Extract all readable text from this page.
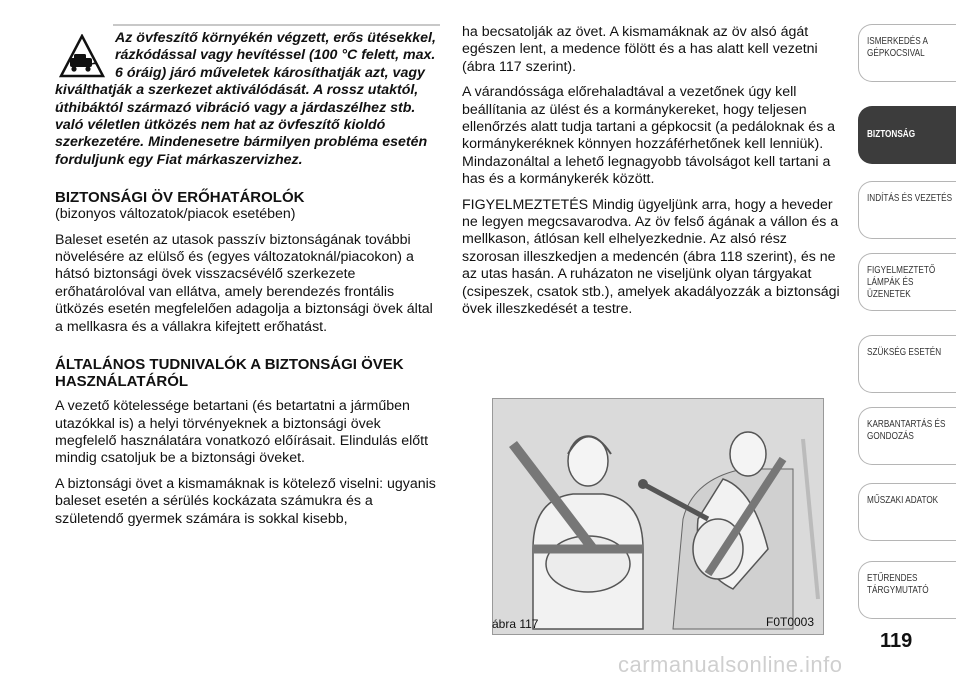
Az övfeszítő környékén végzett, erős ütésekkel, rázkódással vagy hevítéssel (100 °C felett, max. 6 óráig) járó műveletek károsíthatják azt, vagy kiválthatják a szerkezet aktiválódását. A rossz utaktól, úthibáktól származó vibráció vagy a járdaszélhez stb. való véletlen ütközés nem hat az övfeszítő kioldó szerkezetére. Mindenesetre bármilyen probléma esetén forduljunk egy Fiat márkaszervizhez.
BIZTONSÁGI ÖV ERŐHATÁROLÓK
(bizonyos változatok/piacok esetében)

Baleset esetén az utasok passzív biztonságának további növelésére az elülső és (egyes változatoknál/piacokon) a hátsó biztonsági övek visszacsévélő szerkezete erőhatárolóval van ellátva, amely berendezés frontális ütközés esetén megfelelően adagolja a biztonsági övek által a mellkasra és a vállakra kifejtett erőhatást.

ÁLTALÁNOS TUDNIVALÓK A BIZTONSÁGI ÖVEK HASZNÁLATÁRÓL

A vezető kötelessége betartani (és betartatni a járműben utazókkal is) a helyi törvényeknek a biztonsági övek megfelelő használatára vonatkozó előírásait. Elindulás előtt mindig csatoljuk be a biztonsági öveket.

A biztonsági övet a kismamáknak is kötelező viselni: ugyanis baleset esetén a sérülés kockázata számukra és a születendő gyermek számára is sokkal kisebb,

ha becsatolják az övet. A kismamáknak az öv alsó ágát egészen lent, a medence fölött és a has alatt kell vezetni (ábra 117 szerint).

A várandóssága előrehaladtával a vezetőnek úgy kell beállítania az ülést és a kormánykereket, hogy teljesen ellenőrzés alatt tudja tartani a gépkocsit (a pedáloknak és a kormánykeréknek könnyen hozzáférhetőnek kell lenniük). Mindazonáltal a lehető legnagyobb távolságot kell tartani a has és a kormánykerék között.

FIGYELMEZTETÉS Mindig ügyeljünk arra, hogy a heveder ne legyen megcsavarodva. Az öv felső ágának a vállon és a mellkason, átlósan kell elhelyezkednie. Az alsó rész szorosan illeszkedjen a medencén (ábra 118 szerint), és ne az utas hasán. A ruházaton ne viseljünk olyan tárgyakat (csipeszek, csatok stb.), amelyek akadályozzák a biztonsági övek illeszkedését a testre.

ábra 117	F0T0003
ISMERKEDÉS A GÉPKOCSIVAL
BIZTONSÁG
INDÍTÁS ÉS VEZETÉS
FIGYELMEZTETŐ LÁMPÁK ÉS ÜZENETEK
SZÜKSÉG ESETÉN
KARBANTARTÁS ÉS GONDOZÁS
MŰSZAKI ADATOK
ETŰRENDES TÁRGYMUTATÓ
119
carmanualsonline.info
